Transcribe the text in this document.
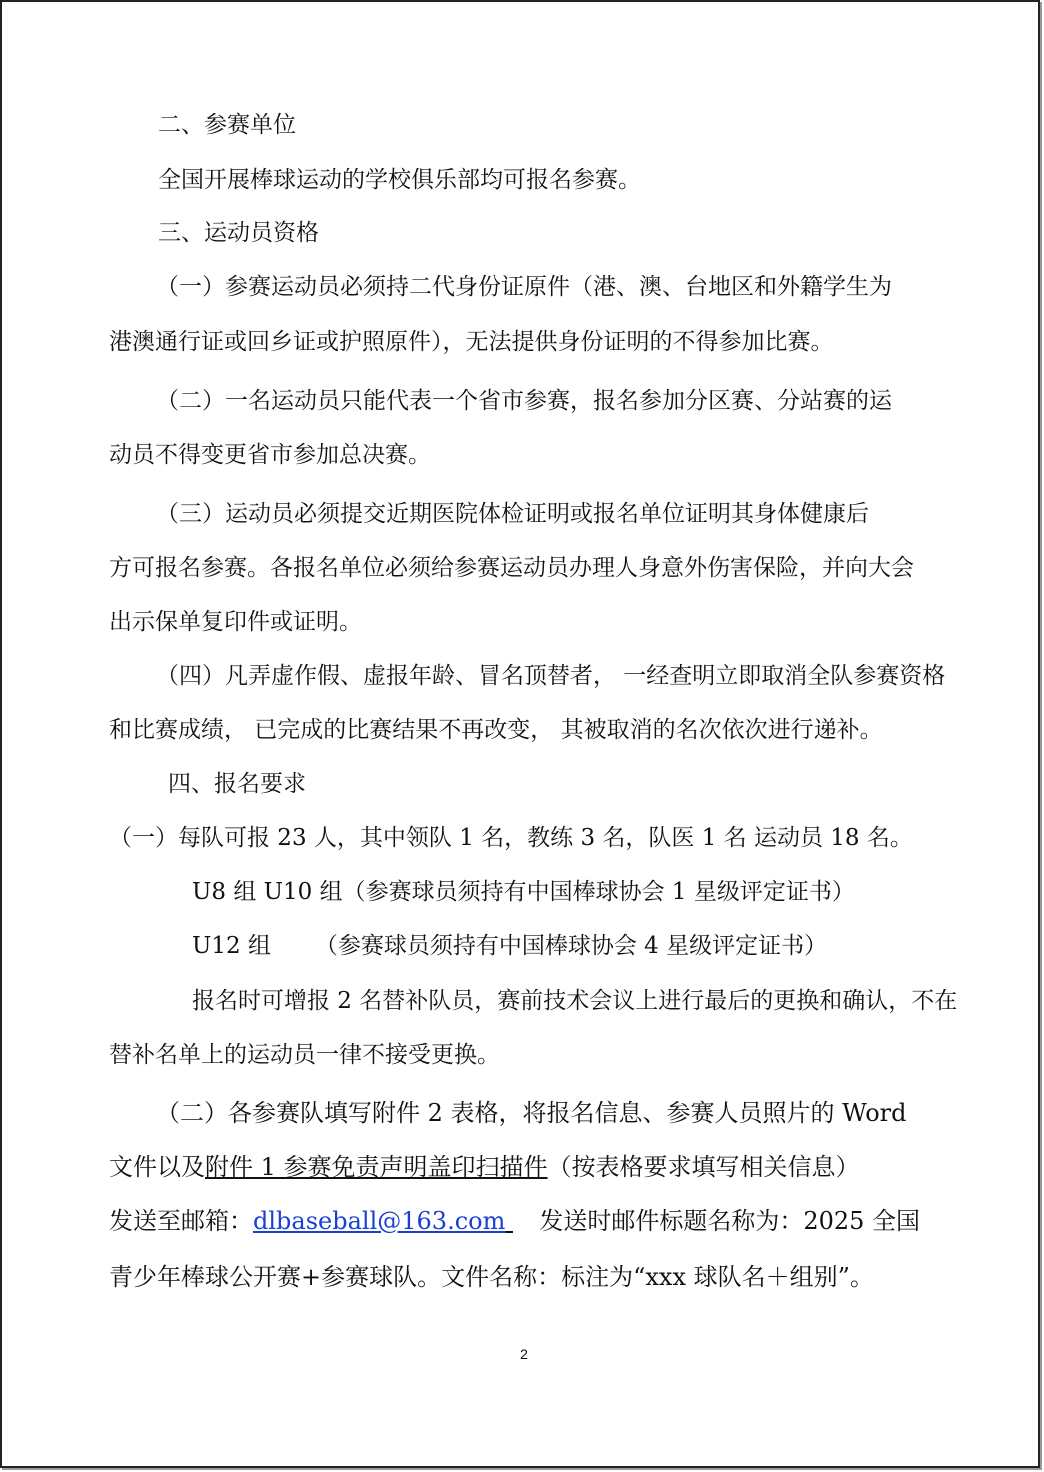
二、参赛单位
全国开展棒球运动的学校俱乐部均可报名参赛。
三、运动员资格
（一）参赛运动员必须持二代身份证原件（港、澳、台地区和外籍学生为
港澳通行证或回乡证或护照原件），无法提供身份证明的不得参加比赛。
（二）一名运动员只能代表一个省市参赛，报名参加分区赛、分站赛的运
动员不得变更省市参加总决赛。
（三）运动员必须提交近期医院体检证明或报名单位证明其身体健康后
方可报名参赛。各报名单位必须给参赛运动员办理人身意外伤害保险，并向大会
出示保单复印件或证明。
（四）凡弄虚作假、虚报年龄、冒名顶替者， 一经查明立即取消全队参赛资格
和比赛成绩， 已完成的比赛结果不再改变， 其被取消的名次依次进行递补。
四、报名要求
（一）每队可报 23 人，其中领队 1 名，教练 3 名，队医 1 名 运动员 18 名。
U8 组 U10 组（参赛球员须持有中国棒球协会 1 星级评定证书）
U12 组      （参赛球员须持有中国棒球协会 4 星级评定证书）
报名时可增报 2 名替补队员，赛前技术会议上进行最后的更换和确认，不在
替补名单上的运动员一律不接受更换。
（二）各参赛队填写附件 2 表格，将报名信息、参赛人员照片的 Word
文件以及附件 1 参赛免责声明盖印扫描件（按表格要求填写相关信息）
发送至邮箱：dlbaseball@163.com 发送时邮件标题名称为：2025 全国
青少年棒球公开赛+参赛球队。文件名称：标注为“xxx 球队名＋组别”。
2
